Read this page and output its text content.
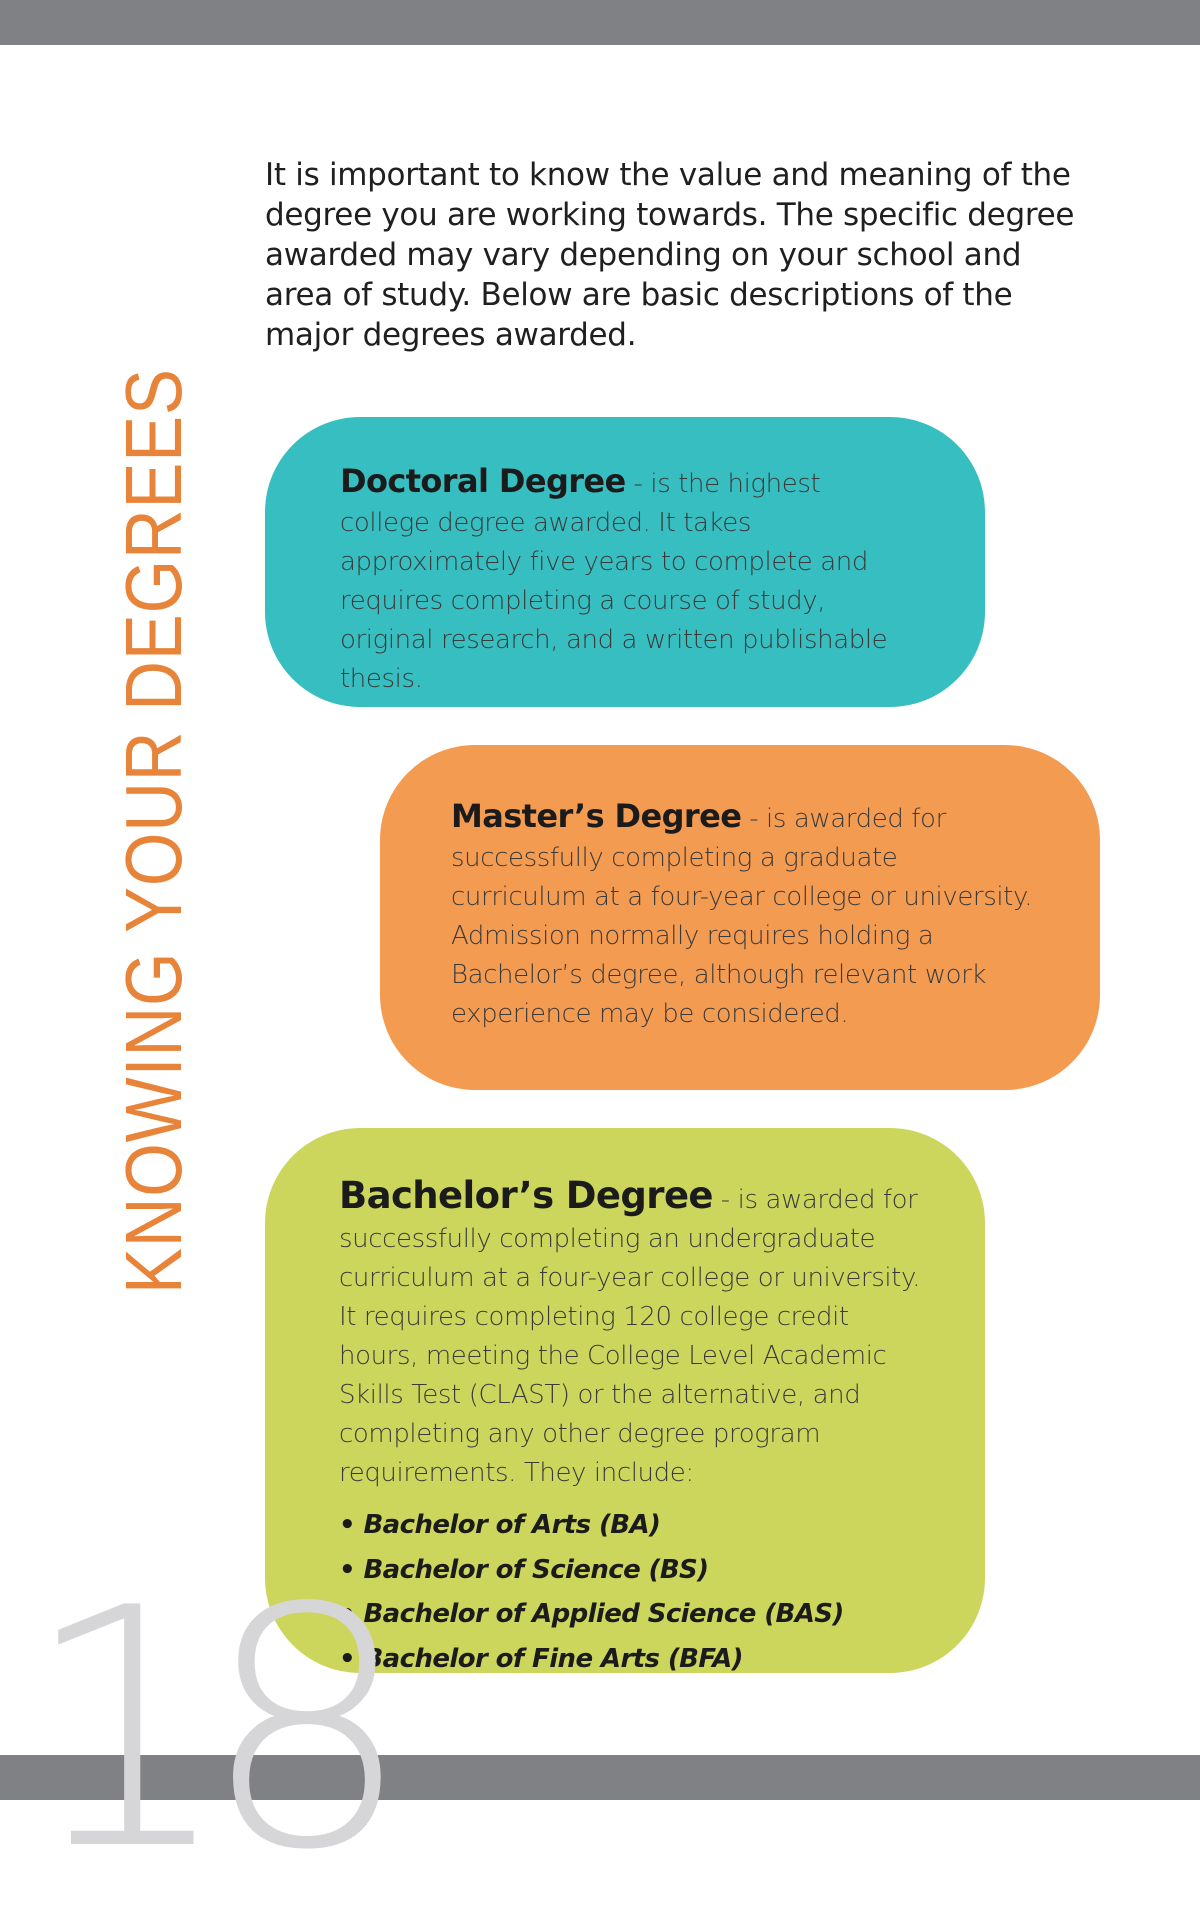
KNOWING YOUR DEGREES

It is important to know the value and meaning of the degree you are working towards. The specific degree awarded may vary depending on your school and area of study. Below are basic descriptions of the major degrees awarded.

Doctoral Degree - is the highest college degree awarded. It takes approximately five years to complete and requires completing a course of study, original research, and a written publishable thesis.

Master’s Degree - is awarded for successfully completing a graduate curriculum at a four-year college or university.

Admission normally requires holding a Bachelor’s degree, although relevant work experience may be considered.

Bachelor’s Degree - is awarded for successfully completing an undergraduate curriculum at a four-year college or university.

It requires completing 120 college credit hours, meeting the College Level Academic Skills Test (CLAST) or the alternative, and completing any other degree program requirements. They include:

• Bachelor of Arts (BA)
• Bachelor of Science (BS)
• Bachelor of Applied Science (BAS)
• Bachelor of Fine Arts (BFA)
18
